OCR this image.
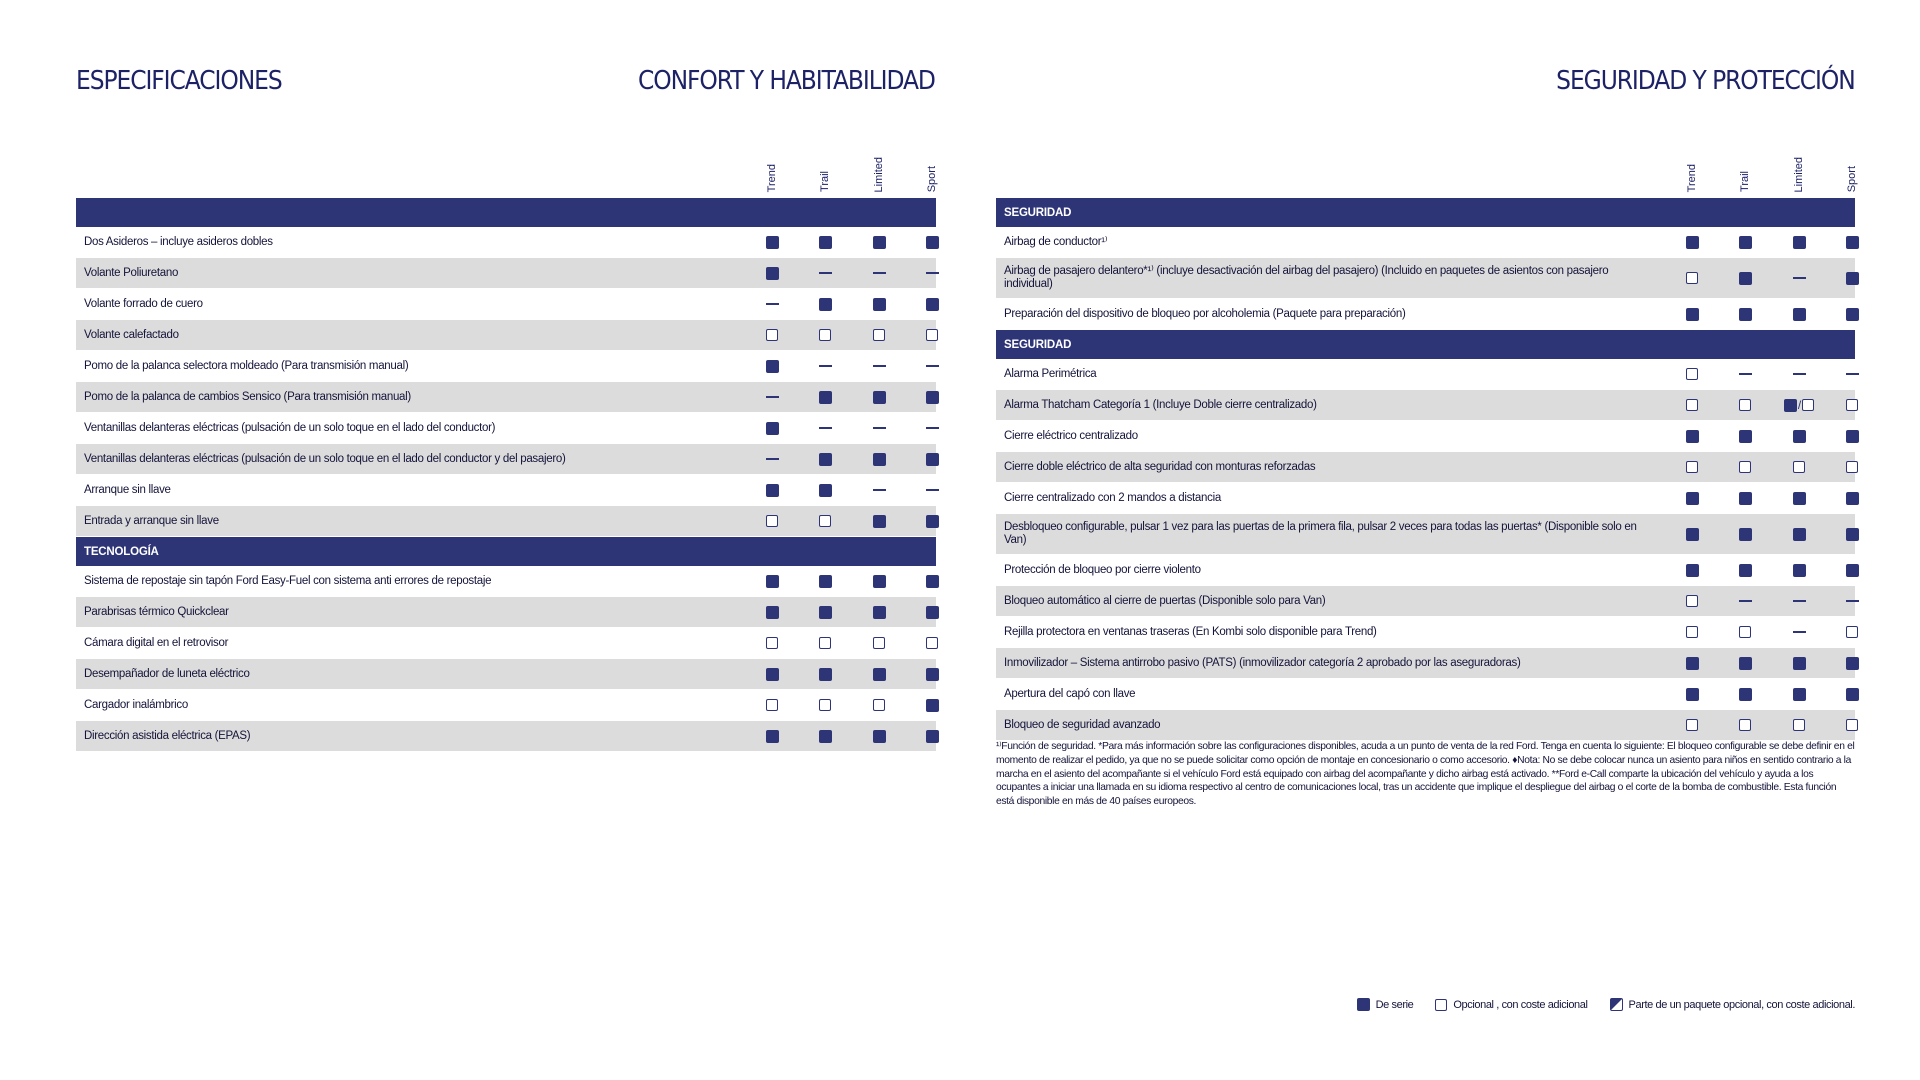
ESPECIFICACIONES	CONFORT Y HABITABILIDAD	SEGURIDAD Y PROTECCIÓN
Trend	Trail	Limited	Sport
Dos Asideros – incluye asideros dobles
Volante Poliuretano
Volante forrado de cuero
Volante calefactado
Pomo de la palanca selectora moldeado (Para transmisión manual)
Pomo de la palanca de cambios Sensico (Para transmisión manual)
Ventanillas delanteras eléctricas (pulsación de un solo toque en el lado del conductor)
Ventanillas delanteras eléctricas (pulsación de un solo toque en el lado del conductor y del pasajero)
Arranque sin llave
Entrada y arranque sin llave
TECNOLOGÍA
Sistema de repostaje sin tapón Ford Easy-Fuel con sistema anti errores de repostaje
Parabrisas térmico Quickclear
Cámara digital en el retrovisor
Desempañador de luneta eléctrico
Cargador inalámbrico
Dirección asistida eléctrica (EPAS)
Trend	Trail	Limited	Sport
SEGURIDAD
Airbag de conductor¹⁾
Airbag de pasajero delantero*¹⁾ (incluye desactivación del airbag del pasajero) (Incluido en paquetes de asientos con pasajero individual)
Preparación del dispositivo de bloqueo por alcoholemia (Paquete para preparación)
SEGURIDAD
Alarma Perimétrica
Alarma Thatcham Categoría 1 (Incluye Doble cierre centralizado)	/
Cierre eléctrico centralizado
Cierre doble eléctrico de alta seguridad con monturas reforzadas
Cierre centralizado con 2 mandos a distancia
Desbloqueo configurable, pulsar 1 vez para las puertas de la primera fila, pulsar 2 veces para todas las puertas* (Disponible solo en Van)
Protección de bloqueo por cierre violento
Bloqueo automático al cierre de puertas (Disponible solo para Van)
Rejilla protectora en ventanas traseras (En Kombi solo disponible para Trend)
Inmovilizador – Sistema antirrobo pasivo (PATS) (inmovilizador categoría 2 aprobado por las aseguradoras)
Apertura del capó con llave
Bloqueo de seguridad avanzado
¹⁾Función de seguridad. *Para más información sobre las configuraciones disponibles, acuda a un punto de venta de la red Ford. Tenga en cuenta lo siguiente: El bloqueo configurable se debe definir en el momento de realizar el pedido, ya que no se puede solicitar como opción de montaje en concesionario o como accesorio. ♦Nota: No se debe colocar nunca un asiento para niños en sentido contrario a la marcha en el asiento del acompañante si el vehículo Ford está equipado con airbag del acompañante y dicho airbag está activado. **Ford e-Call comparte la ubicación del vehículo y ayuda a los ocupantes a iniciar una llamada en su idioma respectivo al centro de comunicaciones local, tras un accidente que implique el despliegue del airbag o el corte de la bomba de combustible. Esta función está disponible en más de 40 países europeos.
De serie	Opcional , con coste adicional	Parte de un paquete opcional, con coste adicional.
